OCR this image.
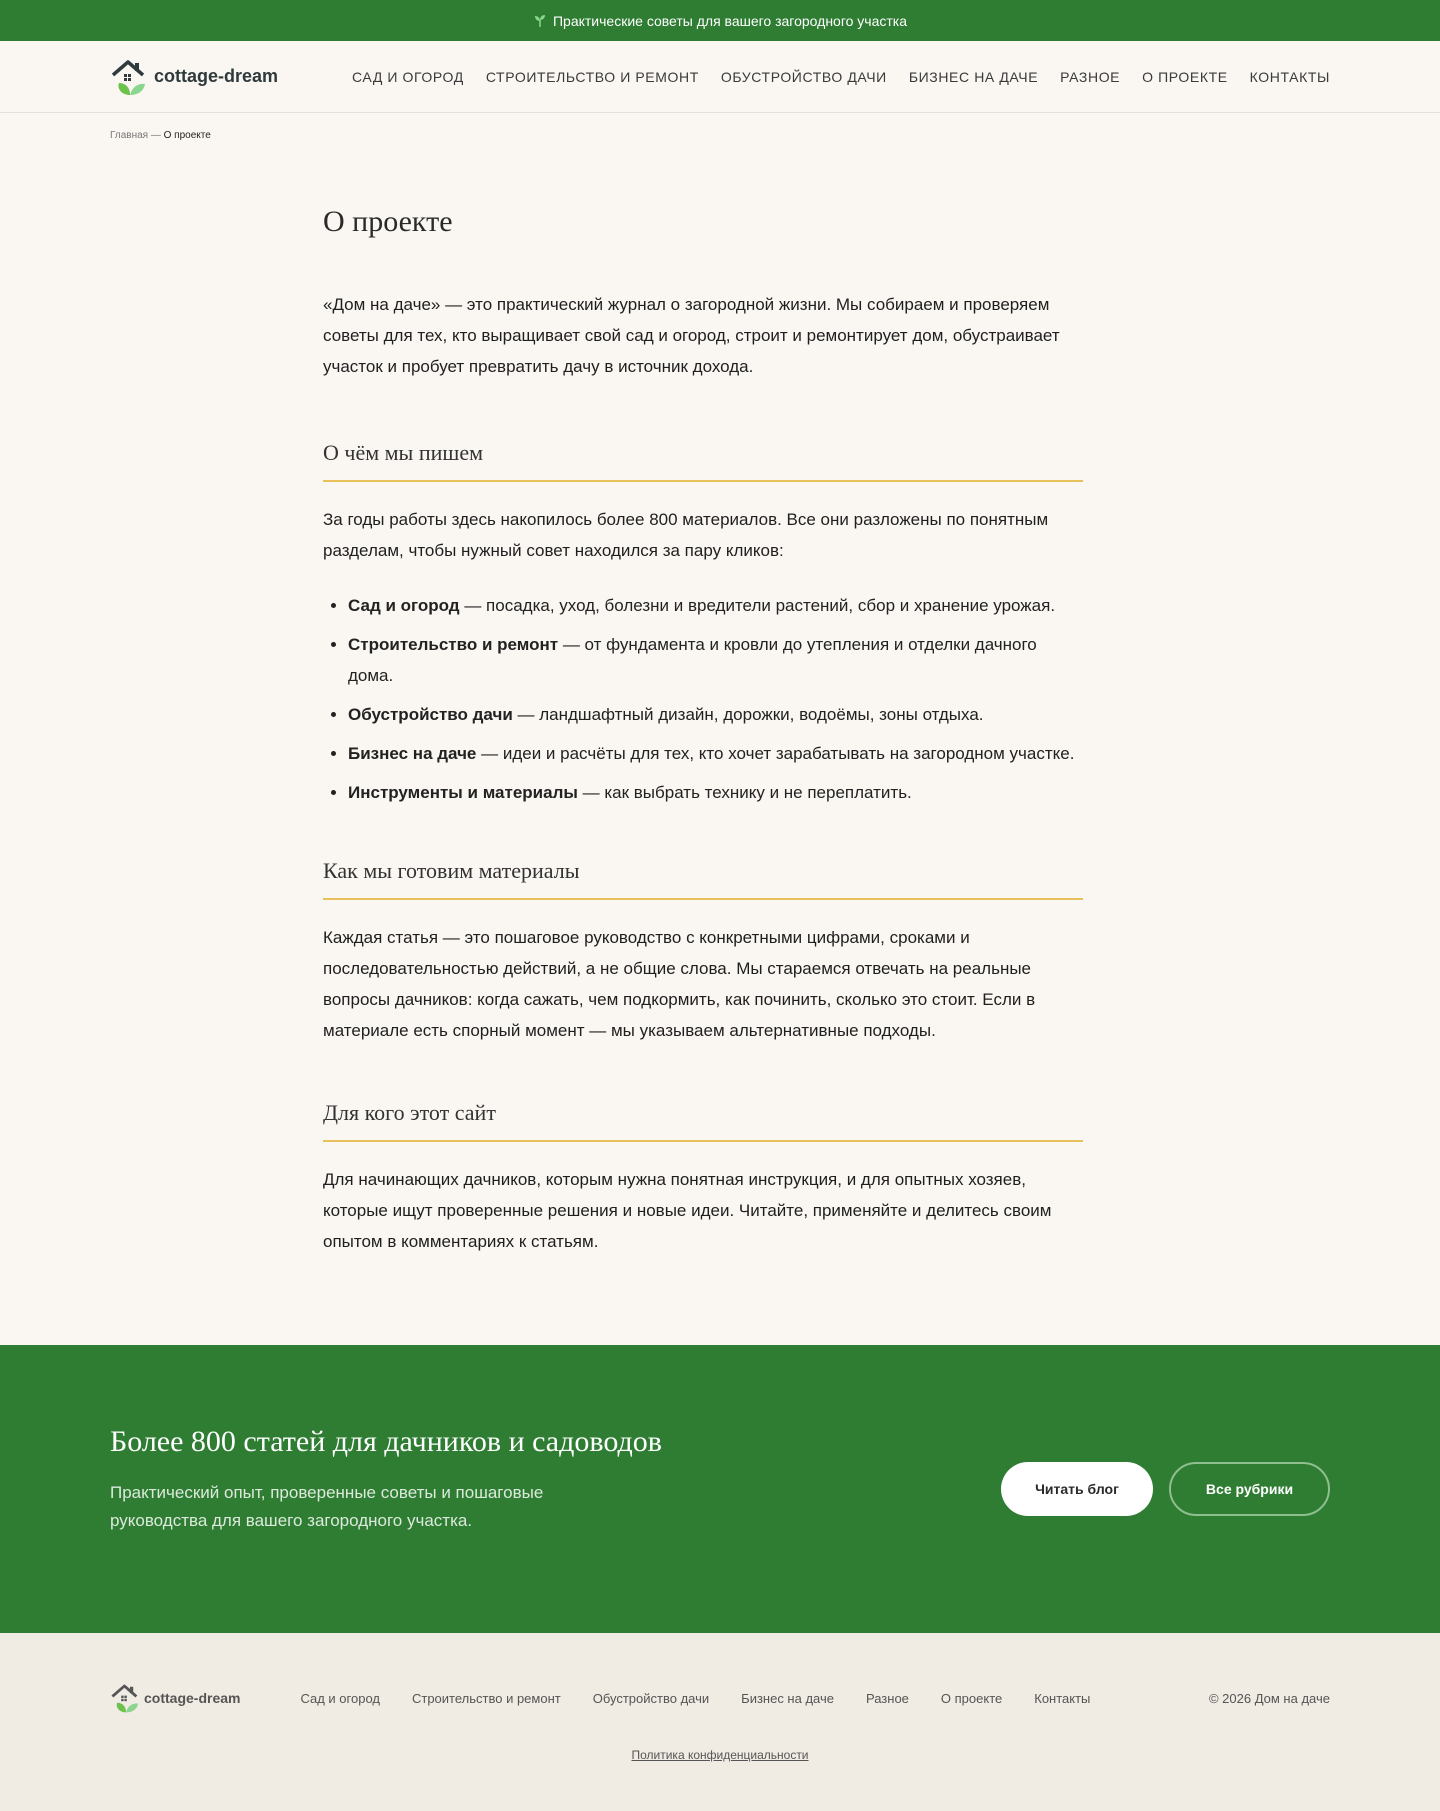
Практические советы для вашего загородного участка
cottage-dream	САД И ОГОРОД СТРОИТЕЛЬСТВО И РЕМОНТ ОБУСТРОЙСТВО ДАЧИ БИЗНЕС НА ДАЧЕ РАЗНОЕ О ПРОЕКТЕ КОНТАКТЫ
Главная — О проекте
О проекте

«Дом на даче» — это практический журнал о загородной жизни. Мы собираем и проверяем советы для тех, кто выращивает свой сад и огород, строит и ремонтирует дом, обустраивает участок и пробует превратить дачу в источник дохода.

О чём мы пишем

За годы работы здесь накопилось более 800 материалов. Все они разложены по понятным разделам, чтобы нужный совет находился за пару кликов:

• Сад и огород — посадка, уход, болезни и вредители растений, сбор и хранение урожая.
• Строительство и ремонт — от фундамента и кровли до утепления и отделки дачного дома.
• Обустройство дачи — ландшафтный дизайн, дорожки, водоёмы, зоны отдыха.
• Бизнес на даче — идеи и расчёты для тех, кто хочет зарабатывать на загородном участке.
• Инструменты и материалы — как выбрать технику и не переплатить.
Как мы готовим материалы

Каждая статья — это пошаговое руководство с конкретными цифрами, сроками и последовательностью действий, а не общие слова. Мы стараемся отвечать на реальные вопросы дачников: когда сажать, чем подкормить, как починить, сколько это стоит. Если в материале есть спорный момент — мы указываем альтернативные подходы.

Для кого этот сайт

Для начинающих дачников, которым нужна понятная инструкция, и для опытных хозяев, которые ищут проверенные решения и новые идеи. Читайте, применяйте и делитесь своим опытом в комментариях к статьям.

Более 800 статей для дачников и садоводов

Практический опыт, проверенные советы и пошаговые руководства для вашего загородного участка.

Читать блог	Все рубрики
cottage-dream	Сад и огород Строительство и ремонт Обустройство дачи Бизнес на даче Разное О проекте Контакты	© 2026 Дом на даче
Политика конфиденциальности
